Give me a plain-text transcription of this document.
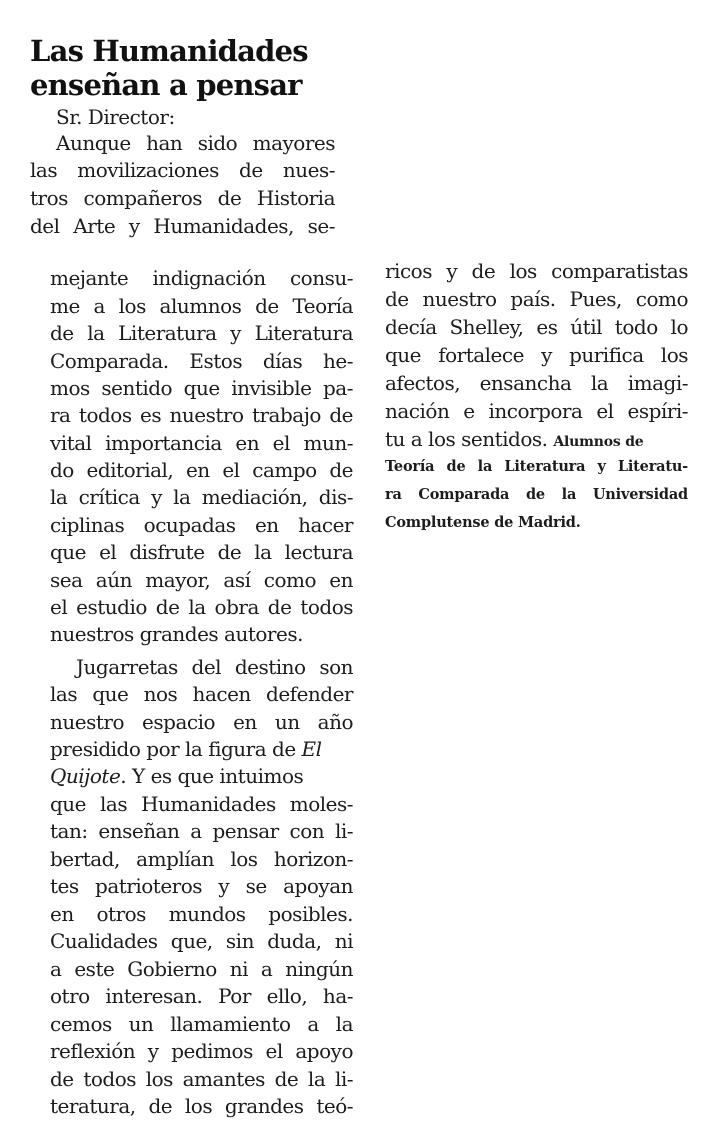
Las Humanidades
enseñan a pensar
Sr. Director:
Aunque han sido mayores
las movilizaciones de nues-
tros compañeros de Historia
del Arte y Humanidades, se-
mejante indignación consu-
me a los alumnos de Teoría
de la Literatura y Literatura
Comparada. Estos días he-
mos sentido que invisible pa-
ra todos es nuestro trabajo de
vital importancia en el mun-
do editorial, en el campo de
la crítica y la mediación, dis-
ciplinas ocupadas en hacer
que el disfrute de la lectura
sea aún mayor, así como en
el estudio de la obra de todos
nuestros grandes autores.
Jugarretas del destino son
las que nos hacen defender
nuestro espacio en un año
presidido por la figura de El
Quijote. Y es que intuimos
que las Humanidades moles-
tan: enseñan a pensar con li-
bertad, amplían los horizon-
tes patrioteros y se apoyan
en otros mundos posibles.
Cualidades que, sin duda, ni
a este Gobierno ni a ningún
otro interesan. Por ello, ha-
cemos un llamamiento a la
reflexión y pedimos el apoyo
de todos los amantes de la li-
teratura, de los grandes teó-
ricos y de los comparatistas
de nuestro país. Pues, como
decía Shelley, es útil todo lo
que fortalece y purifica los
afectos, ensancha la imagi-
nación e incorpora el espíri-
tu a los sentidos. Alumnos de
Teoría de la Literatura y Literatu-
ra Comparada de la Universidad
Complutense de Madrid.
